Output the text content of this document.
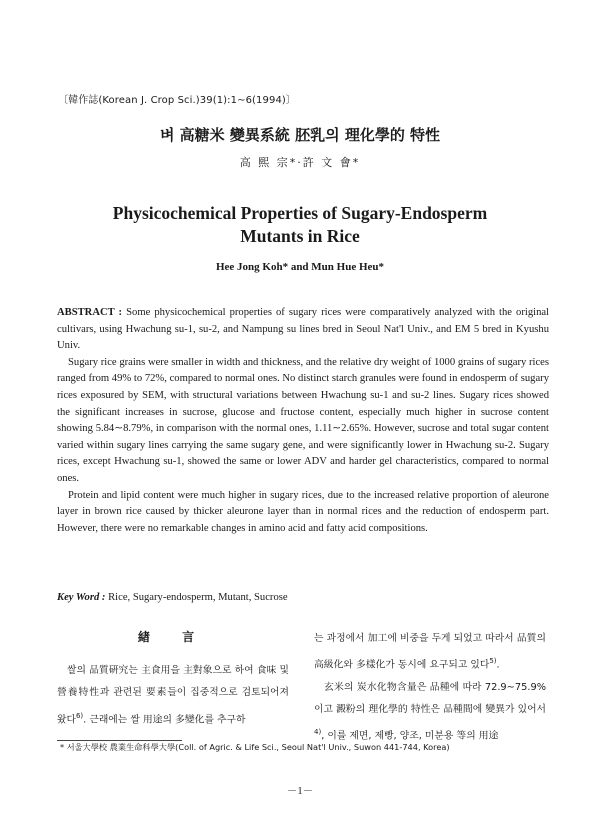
〔韓作誌(Korean J. Crop Sci.)39(1):1∼6(1994)〕
벼 高糖米 變異系統 胚乳의 理化學的 特性
高 熙 宗*·許 文 會*
Physicochemical Properties of Sugary-Endosperm
Mutants in Rice
Hee Jong Koh* and Mun Hue Heu*

ABSTRACT : Some physicochemical properties of sugary rices were comparatively analyzed with the original cultivars, using Hwachung su-1, su-2, and Nampung su lines bred in Seoul Nat'l Univ., and EM 5 bred in Kyushu Univ.

Sugary rice grains were smaller in width and thickness, and the relative dry weight of 1000 grains of sugary rices ranged from 49% to 72%, compared to normal ones. No distinct starch granules were found in endosperm of sugary rices exposured by SEM, with structural variations between Hwachung su-1 and su-2 lines. Sugary rices showed the significant increases in sucrose, glucose and fructose content, especially much higher in sucrose content showing 5.84∼8.79%, in comparison with the normal ones, 1.11∼2.65%. However, sucrose and total sugar content varied within sugary lines carrying the same sugary gene, and were significantly lower in Hwachung su-2. Sugary rices, except Hwachung su-1, showed the same or lower ADV and harder gel characteristics, compared to normal ones.

Protein and lipid content were much higher in sugary rices, due to the increased relative proportion of aleurone layer in brown rice caused by thicker aleurone layer than in normal rices and the reduction of endosperm part. However, there were no remarkable changes in amino acid and fatty acid compositions.

Key Word : Rice, Sugary-endosperm, Mutant, Sucrose

緖 言

쌀의 品質硏究는 主食用을 主對象으로 하여 食味 및 營養特性과 관련된 要素들이 집중적으로 검토되어져 왔다$^{6)}$. 근래에는 쌀 用途의 多變化를 추구하

는 과정에서 加工에 비중을 두게 되었고 따라서 品質의 高級化와 多樣化가 동시에 요구되고 있다$^{5)}$.

玄米의 炭水化物含量은 品種에 따라 72.9∼75.9%이고 澱粉의 理化學的 特性은 品種間에 變異가 있어서$^{4)}$, 이를 제면, 제빵, 양조, 미분용 等의 用途

* 서울大學校 農業生命科學大學(Coll. of Agric. & Life Sci., Seoul Nat'l Univ., Suwon 441-744, Korea)
－1－
